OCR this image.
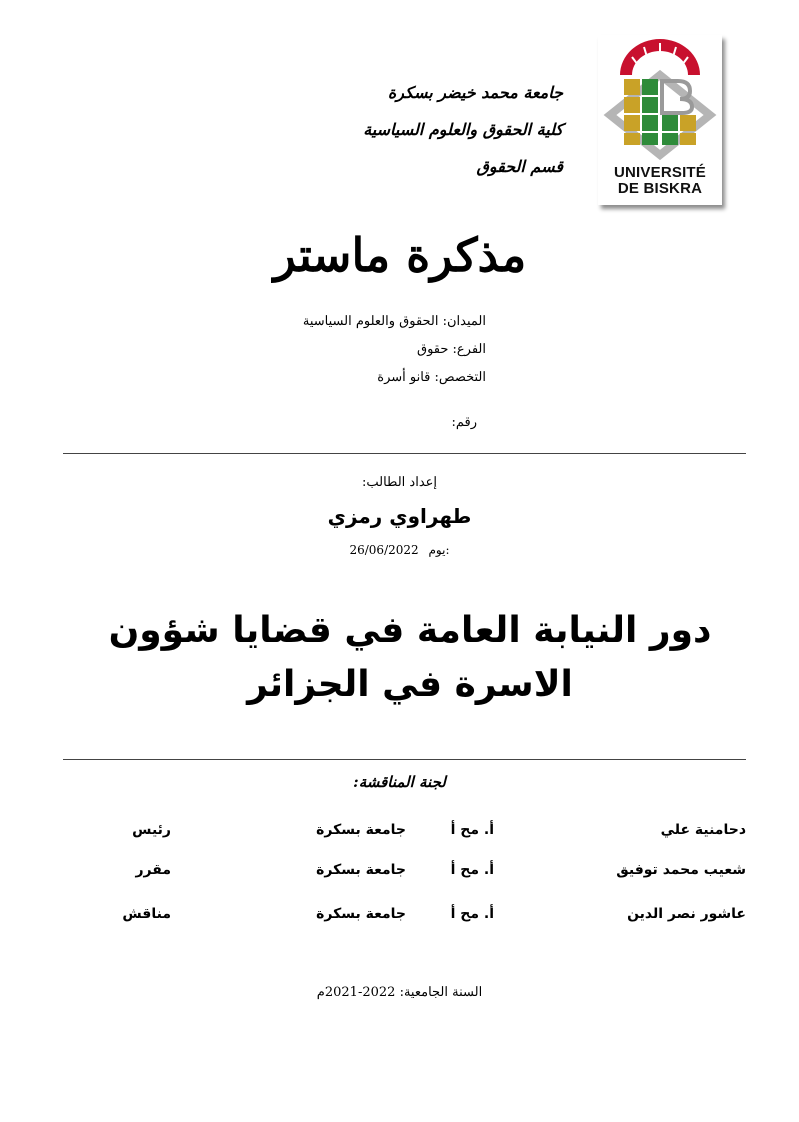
جامعة محمد خيضر بسكرة
كلية الحقوق والعلوم السياسية
قسم الحقوق	UNIVERSITÉ
DE BISKRA
مذكرة ماستر
الميدان: الحقوق والعلوم السياسية
الفرع: حقوق
التخصص: قانو أسرة
رقم:
إعداد الطالب:
طهراوي رمزي
26/06/2022 يوم:
دور النيابة العامة في قضايا شؤون
الاسرة في الجزائر
لجنة المناقشة:
دحامنية علي
أ. مح أ
جامعة بسكرة
رئيس
شعيب محمد توفيق
أ. مح أ
جامعة بسكرة
مقرر
عاشور نصر الدين
أ. مح أ
جامعة بسكرة
مناقش
السنة الجامعية: 2022-2021م
